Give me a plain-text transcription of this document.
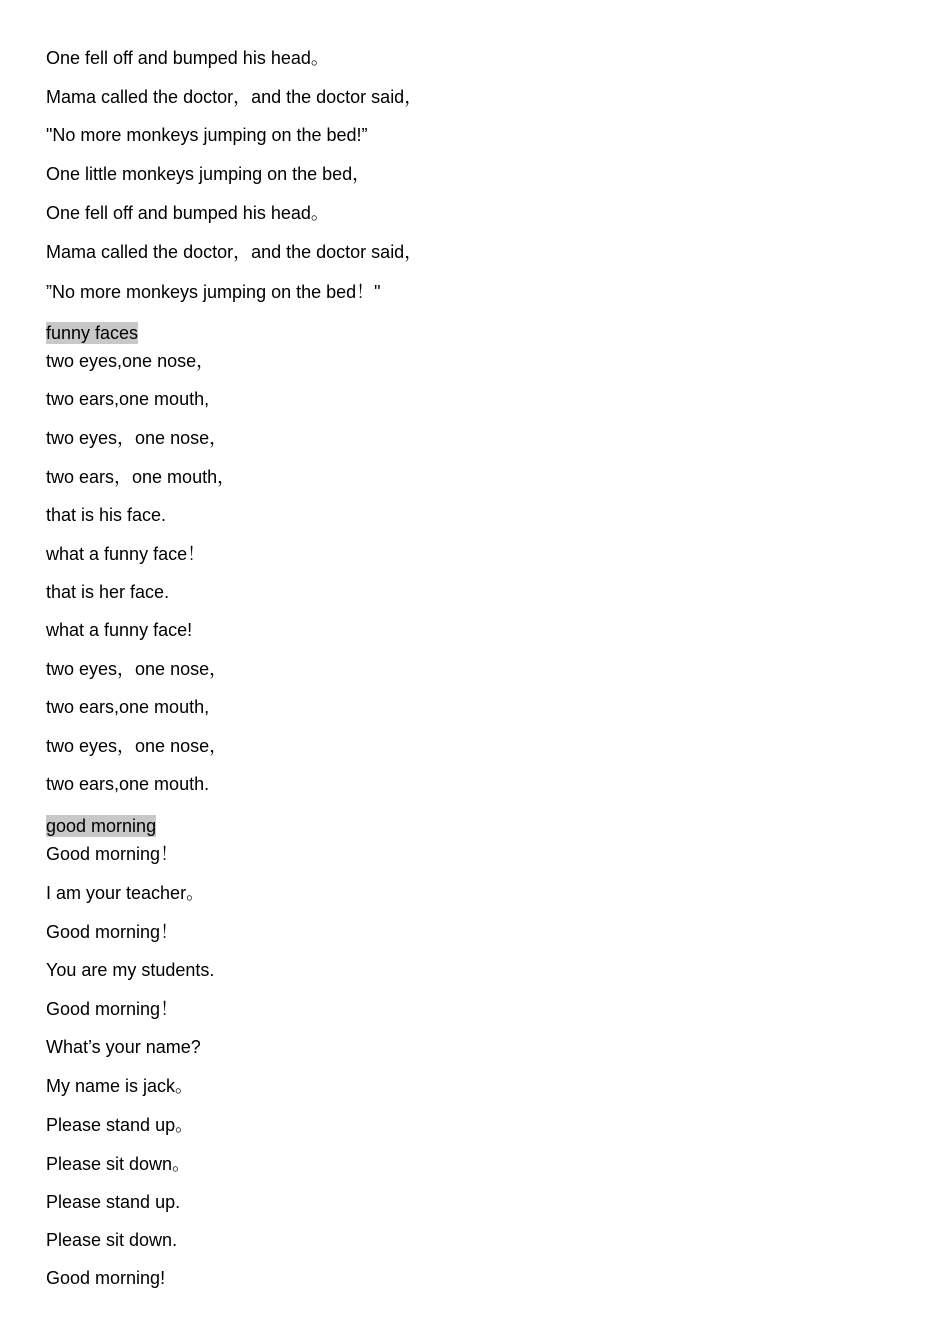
One fell off and bumped his head。
Mama called the doctor，and the doctor said，
"No more monkeys jumping on the bed!”
One little monkeys jumping on the bed，
One fell off and bumped his head。
Mama called the doctor，and the doctor said，
”No more monkeys jumping on the bed！"
funny faces
two eyes,one nose，
two ears,one mouth,
two eyes，one nose，
two ears，one mouth，
that is his face.
what a funny face！
that is her face.
what a funny face!
two eyes，one nose，
two ears,one mouth,
two eyes，one nose，
two ears,one mouth.
good morning
Good morning！
I am your teacher。
Good morning！
You are my students.
Good morning！
What’s your name?
My name is jack。
Please stand up。
Please sit down。
Please stand up.
Please sit down.
Good morning!
